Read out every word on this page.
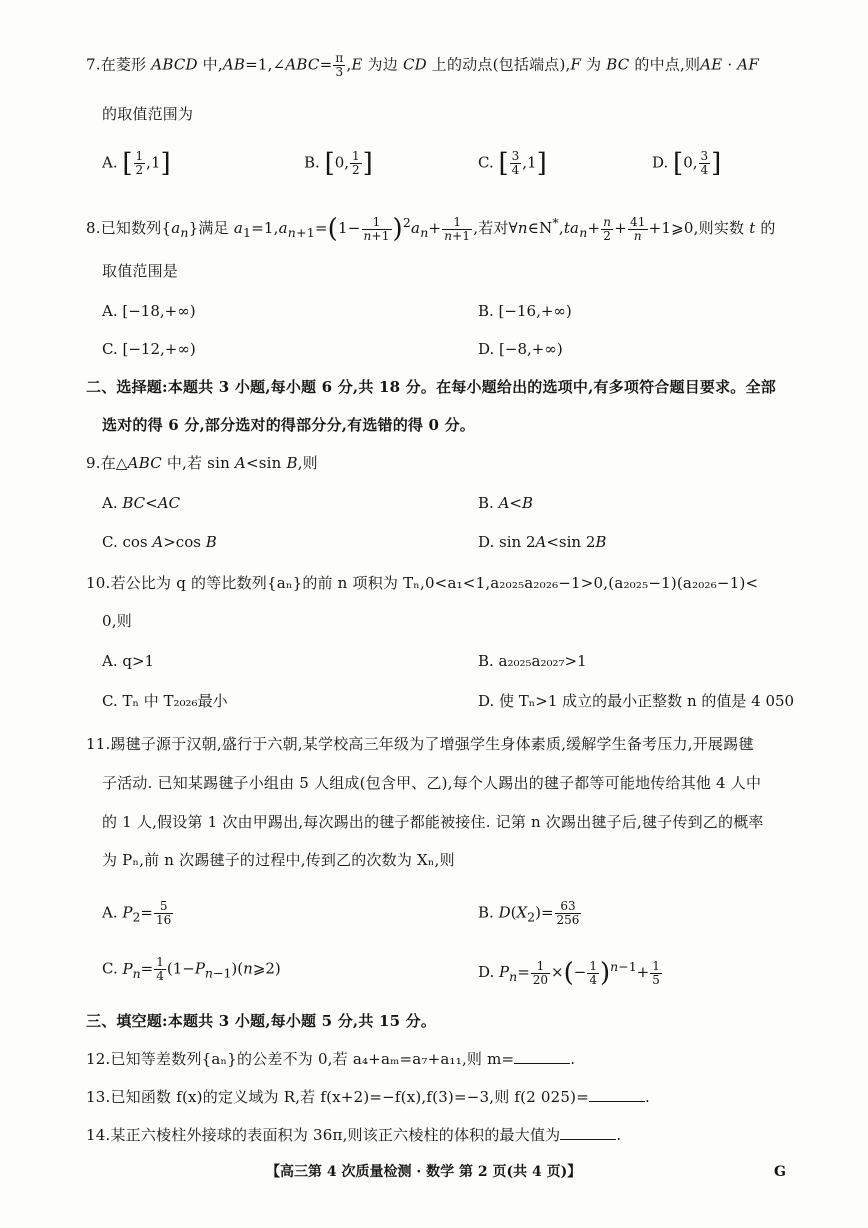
7.在菱形 ABCD 中,AB=1,∠ABC= $\frac{\pi}{3} ,E$ 为边 CD 上的动点(包括端点),F 为 BC 的中点,则AE · AF
的取值范围为
A. [ $\frac{1}{2} ,1$]	B. [0, $\frac{1}{2}$ ]	C. [ $\frac{3}{4} ,1$]	D. [0, $\frac{3}{4}$ ]
8.已知数列$\{a_n\}$满足 $a_1=1,a_{n+1}=(1- \frac{1}{n+1} )^2a_n+ \frac{1}{n+1}$ ,若对$\forall n\in N^*,ta_n+ \frac{n}{2} + \frac{41}{n}$ +1⩾0,则实数 t 的
取值范围是
A. [−18,+∞)	B. [−16,+∞)
C. [−12,+∞)	D. [−8,+∞)
二、选择题:本题共 3 小题,每小题 6 分,共 18 分。在每小题给出的选项中,有多项符合题目要求。全部
选对的得 6 分,部分选对的得部分分,有选错的得 0 分。
9.在△ABC 中,若 sin A<sin B,则
A. BC<AC	B. A<B
C. cos A>cos B	D. sin 2A<sin 2B
10.若公比为 q 的等比数列{aₙ}的前 n 项积为 Tₙ,0<a₁<1,a₂₀₂₅a₂₀₂₆−1>0,(a₂₀₂₅−1)(a₂₀₂₆−1)<
0,则
A. q>1	B. a₂₀₂₅a₂₀₂₇>1
C. Tₙ 中 T₂₀₂₆最小	D. 使 Tₙ>1 成立的最小正整数 n 的值是 4 050
11.踢毽子源于汉朝,盛行于六朝,某学校高三年级为了增强学生身体素质,缓解学生备考压力,开展踢毽
子活动. 已知某踢毽子小组由 5 人组成(包含甲、乙),每个人踢出的毽子都等可能地传给其他 4 人中
的 1 人,假设第 1 次由甲踢出,每次踢出的毽子都能被接住. 记第 n 次踢出毽子后,毽子传到乙的概率
为 Pₙ,前 n 次踢毽子的过程中,传到乙的次数为 Xₙ,则
A. $P_2= \frac{5}{16}$	B. $D(X_2)= \frac{63}{256}$
C. $P_n= \frac{1}{4}$ $(1-P_{n-1})(n⩾2)$	D. $P_n= \frac{1}{20}$ ×(− $\frac{1}{4} )^{n-1}+ \frac{1}{5}$
三、填空题:本题共 3 小题,每小题 5 分,共 15 分。
12.已知等差数列{aₙ}的公差不为 0,若 a₄+aₘ=a₇+a₁₁,则 m=	.
13.已知函数 f(x)的定义域为 R,若 f(x+2)=−f(x),f(3)=−3,则 f(2 025)=	.
14.某正六棱柱外接球的表面积为 36π,则该正六棱柱的体积的最大值为	.
【高三第 4 次质量检测 · 数学 第 2 页(共 4 页)】	G
